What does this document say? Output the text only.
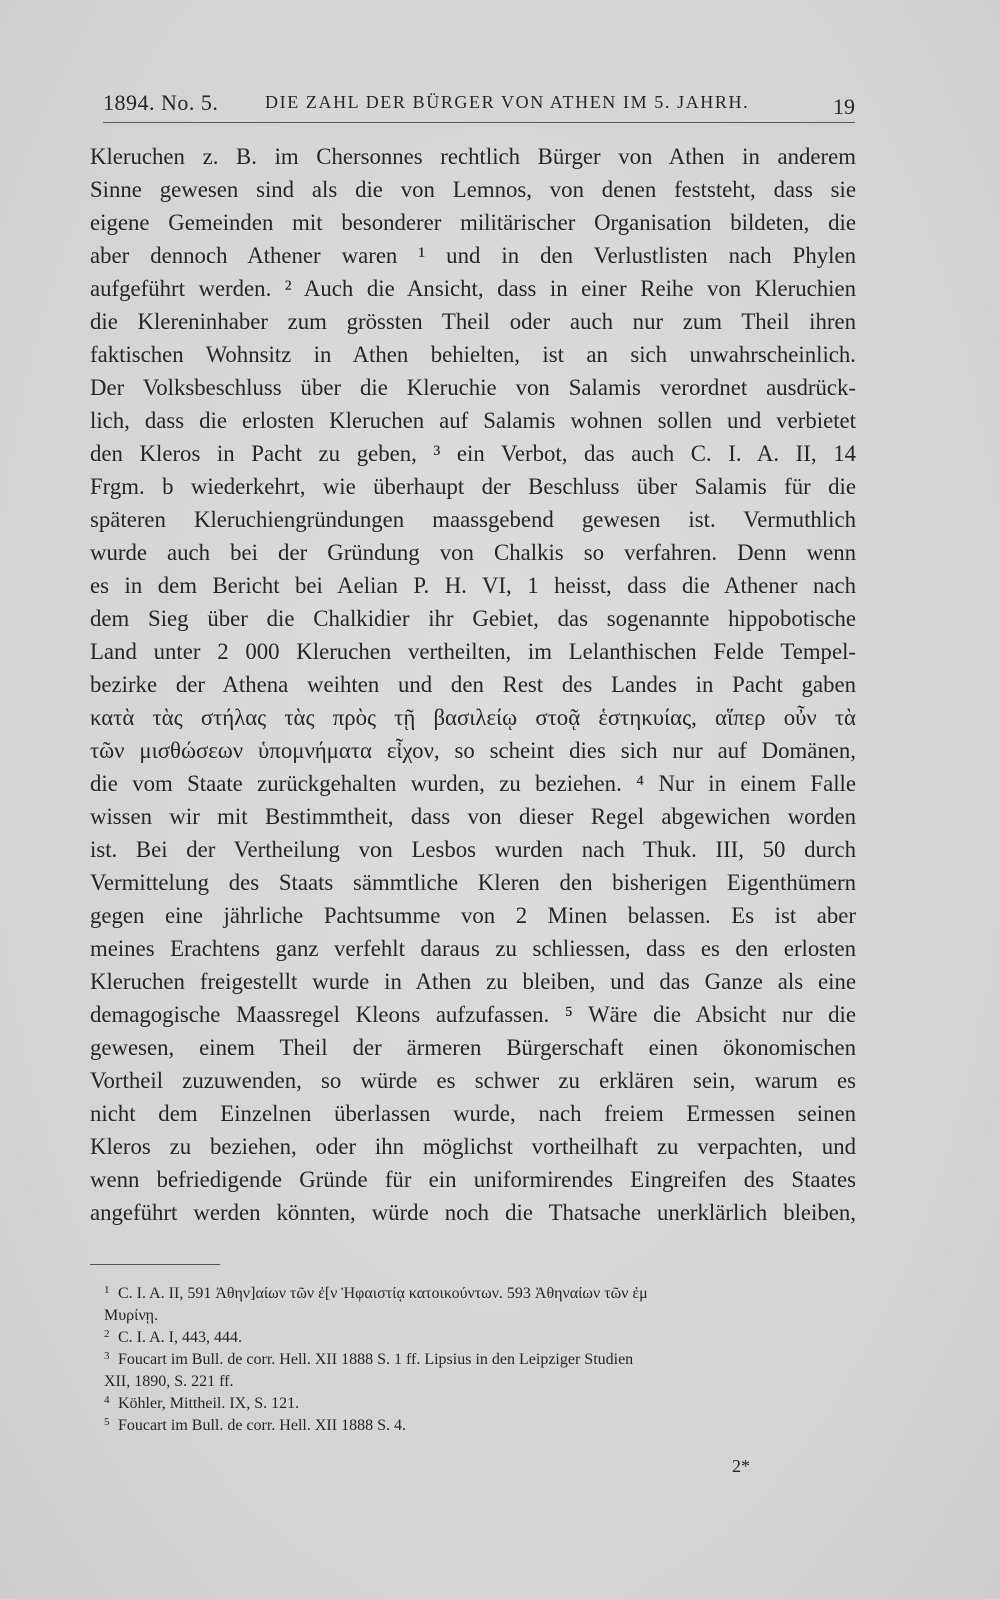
1894. No. 5.	DIE ZAHL DER BÜRGER VON ATHEN IM 5. JAHRH.	19
Kleruchen z. B. im Chersonnes rechtlich Bürger von Athen in anderem
Sinne gewesen sind als die von Lemnos, von denen feststeht, dass sie
eigene Gemeinden mit besonderer militärischer Organisation bildeten, die
aber dennoch Athener waren ¹ und in den Verlustlisten nach Phylen
aufgeführt werden. ² Auch die Ansicht, dass in einer Reihe von Kleruchien
die Klereninhaber zum grössten Theil oder auch nur zum Theil ihren
faktischen Wohnsitz in Athen behielten, ist an sich unwahrscheinlich.
Der Volksbeschluss über die Kleruchie von Salamis verordnet ausdrück-
lich, dass die erlosten Kleruchen auf Salamis wohnen sollen und verbietet
den Kleros in Pacht zu geben, ³ ein Verbot, das auch C. I. A. II, 14
Frgm. b wiederkehrt, wie überhaupt der Beschluss über Salamis für die
späteren Kleruchiengründungen maassgebend gewesen ist. Vermuthlich
wurde auch bei der Gründung von Chalkis so verfahren. Denn wenn
es in dem Bericht bei Aelian P. H. VI, 1 heisst, dass die Athener nach
dem Sieg über die Chalkidier ihr Gebiet, das sogenannte hippobotische
Land unter 2 000 Kleruchen vertheilten, im Lelanthischen Felde Tempel-
bezirke der Athena weihten und den Rest des Landes in Pacht gaben
κατὰ τὰς στήλας τὰς πρὸς τῇ βασιλείῳ στοᾷ ἑστηκυίας, αἵπερ οὖν τὰ
τῶν μισθώσεων ὑπομνήματα εἶχον, so scheint dies sich nur auf Domänen,
die vom Staate zurückgehalten wurden, zu beziehen. ⁴ Nur in einem Falle
wissen wir mit Bestimmtheit, dass von dieser Regel abgewichen worden
ist. Bei der Vertheilung von Lesbos wurden nach Thuk. III, 50 durch
Vermittelung des Staats sämmtliche Kleren den bisherigen Eigenthümern
gegen eine jährliche Pachtsumme von 2 Minen belassen. Es ist aber
meines Erachtens ganz verfehlt daraus zu schliessen, dass es den erlosten
Kleruchen freigestellt wurde in Athen zu bleiben, und das Ganze als eine
demagogische Maassregel Kleons aufzufassen. ⁵ Wäre die Absicht nur die
gewesen, einem Theil der ärmeren Bürgerschaft einen ökonomischen
Vortheil zuzuwenden, so würde es schwer zu erklären sein, warum es
nicht dem Einzelnen überlassen wurde, nach freiem Ermessen seinen
Kleros zu beziehen, oder ihn möglichst vortheilhaft zu verpachten, und
wenn befriedigende Gründe für ein uniformirendes Eingreifen des Staates
angeführt werden könnten, würde noch die Thatsache unerklärlich bleiben,
1 C. I. A. II, 591 Ἀθην]αίων τῶν ἐ[ν Ἡφαιστίᾳ κατοικούντων. 593 Ἀθηναίων τῶν ἐμ
Μυρίνῃ.
2 C. I. A. I, 443, 444.
3 Foucart im Bull. de corr. Hell. XII 1888 S. 1 ff. Lipsius in den Leipziger Studien
XII, 1890, S. 221 ff.
4 Köhler, Mittheil. IX, S. 121.
5 Foucart im Bull. de corr. Hell. XII 1888 S. 4.
2*
